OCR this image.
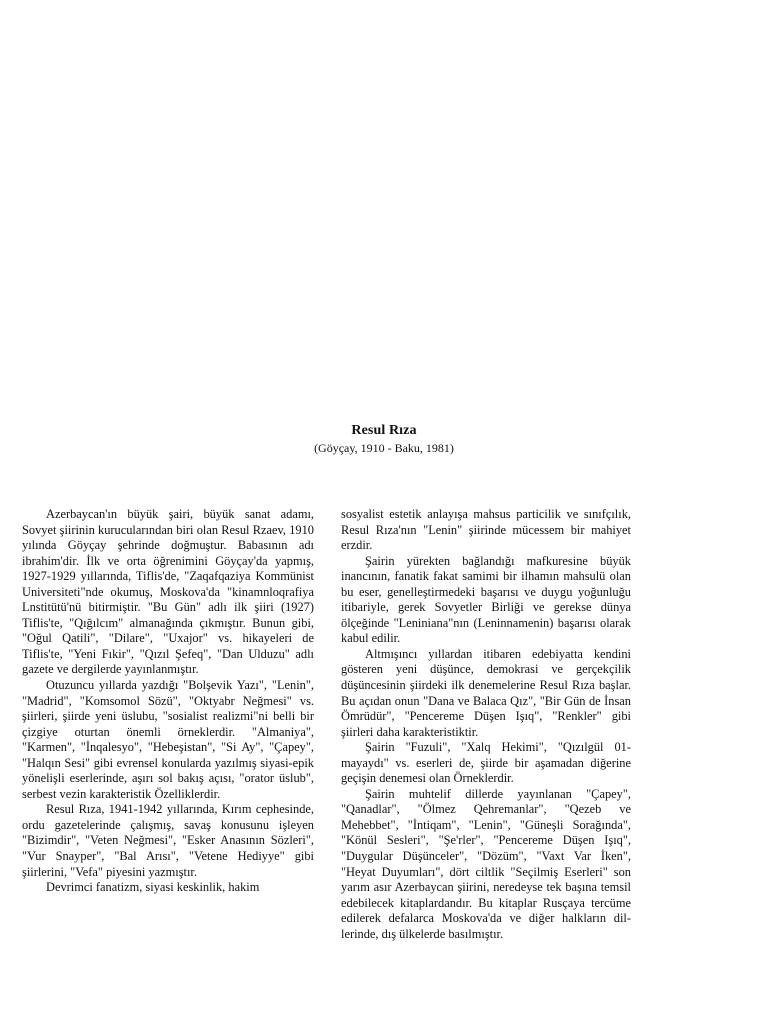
Resul Rıza
(Göyçay, 1910 - Baku, 1981)

Azerbaycan'ın büyük şairi, büyük sanat adamı, Sovyet şiirinin kurucularından biri olan Resul Rzaev, 1910 yılında Göyçay şehrinde doğmuştur. Babasının adı ibrahim'dir. İlk ve orta öğrenimini Göyçay'da yapmış, 1927-1929 yıllarında, Tiflis'de, "Zaqafqaziya Kommünist Universiteti"nde okumuş, Moskova'da "kinamnloqrafiya Lnstitütü'nü bitirmiştir. "Bu Gün" adlı ilk şiiri (1927) Tiflis'te, "Qığılcım" almanağında çıkmıştır. Bunun gibi, "Oğul Qatili", "Dilare", "Uxajor" vs. hikayeleri de Tiflis'te, "Yeni Fıkir", "Qızıl Şefeq", "Dan Ulduzu" adlı gazete ve dergilerde yayınlanmıştır.

Otuzuncu yıllarda yazdığı "Bolşevik Yazı", "Lenin", "Madrid", "Komsomol Sözü", "Oktyabr Neğmesi" vs. şiirleri, şiirde yeni üslubu, "sosialist realizmi"ni belli bir çizgiye oturtan önemli örneklerdir. "Almaniya", "Karmen", "İnqalesyo", "Hebeşistan", "Si Ay", "Çapey", "Halqın Sesi" gibi evrensel konularda yazılmış siyasi-epik yönelişli eserlerinde, aşırı sol bakış açısı, "orator üslub", serbest vezin karakteristik Özelliklerdir.

Resul Rıza, 1941-1942 yıllarında, Kırım cephesinde, ordu gazetelerinde çalışmış, savaş konusunu işleyen "Bizimdir", "Veten Neğmesi", "Esker Anasının Sözleri", "Vur Snayper", "Bal Arısı", "Vetene Hediyye" gibi şiirlerini, "Vefa" piyesini yazmıştır.

Devrimci fanatizm, siyasi keskinlik, hakim

sosyalist estetik anlayışa mahsus particilik ve sınıfçılık, Resul Rıza'nın "Lenin" şiirinde mücessem bir mahiyet erzdir.

Şairin yürekten bağlandığı mafkuresine büyük inancının, fanatik fakat samimi bir ilhamın mahsulü olan bu eser, genelleştirmedeki başarısı ve duygu yoğunluğu itibariyle, gerek Sovyetler Birliği ve gerekse dünya ölçeğinde "Leniniana"nın (Leninnamenin) başarısı olarak kabul edilir.

Altmışıncı yıllardan itibaren edebiyatta kendini gösteren yeni düşünce, demokrasi ve gerçekçilik düşüncesinin şiirdeki ilk denemelerine Resul Rıza başlar. Bu açıdan onun "Dana ve Balaca Qız", "Bir Gün de İnsan Ömrüdür", "Pencereme Düşen Işıq", "Renkler" gibi şiirleri daha karakteristiktir.

Şairin "Fuzuli", "Xalq Hekimi", "Qızılgül 01-mayaydı" vs. eserleri de, şiirde bir aşamadan diğerine geçişin denemesi olan Örneklerdir.

Şairin muhtelif dillerde yayınlanan "Çapey", "Qanadlar", "Ölmez Qehremanlar", "Qezeb ve Mehebbet", "İntiqam", "Lenin", "Güneşli Sorağında", "Könül Sesleri", "Şe'rler", "Pencereme Düşen Işıq", "Duygular Düşünceler", "Dözüm", "Vaxt Var İken", "Heyat Duyumları", dört ciltlik "Seçilmiş Eserleri" son yarım asır Azerbaycan şiirini, neredeyse tek başına temsil edebilecek kitaplardandır. Bu kitaplar Rusçaya tercüme edilerek defalarca Moskova'da ve diğer halkların dillerinde, dış ülkelerde basılmıştır.
